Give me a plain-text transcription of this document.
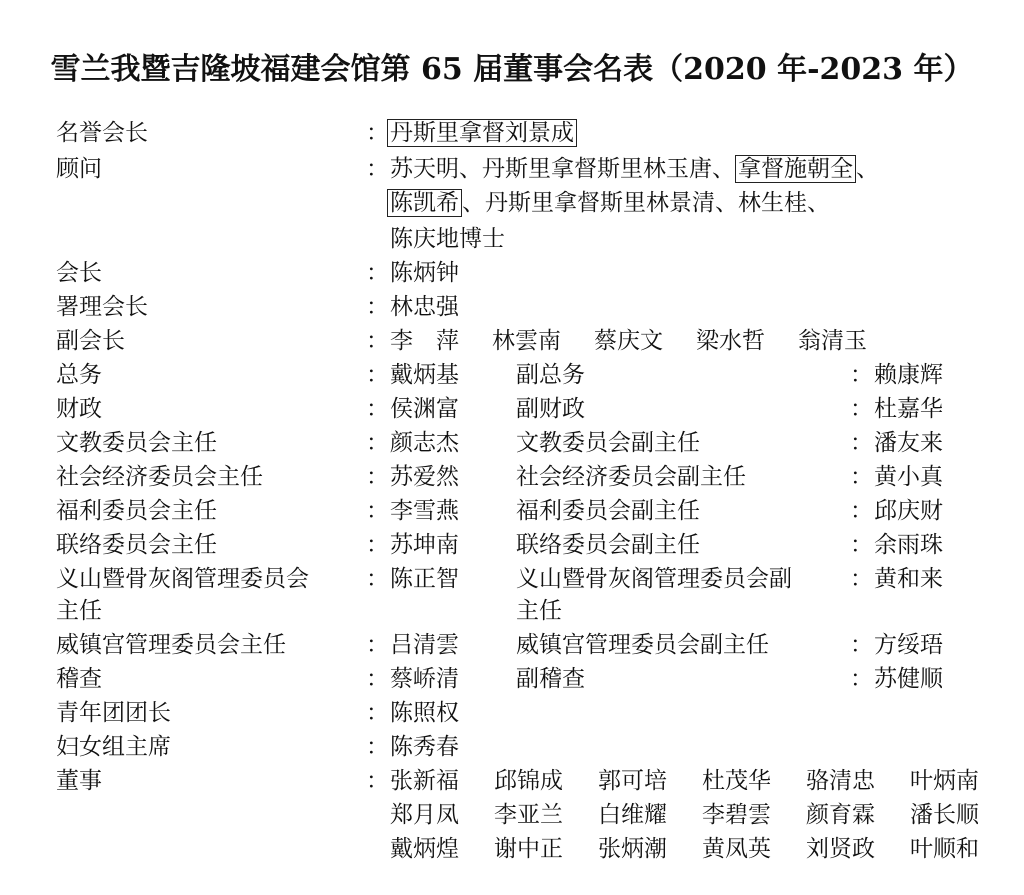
雪兰我暨吉隆坡福建会馆第 65 届董事会名表（2020 年-2023 年）
名誉会长	： 丹斯里拿督刘景成
顾问	： 苏天明、丹斯里拿督斯里林玉唐、 拿督施朝全 、
陈凯希 、丹斯里拿督斯里林景清、林生桂、
陈庆地博士
会长	： 陈炳钟
署理会长	： 林忠强
副会长	： 李　萍 林雲南 蔡庆文 梁水哲 翁清玉
总务	： 戴炳基 副总务	： 赖康辉
财政	： 侯渊富 副财政	： 杜嘉华
文教委员会主任	： 颜志杰 文教委员会副主任	： 潘友来
社会经济委员会主任	： 苏爱然 社会经济委员会副主任	： 黄小真
福利委员会主任	： 李雪燕 福利委员会副主任	： 邱庆财
联络委员会主任	： 苏坤南 联络委员会副主任	： 余雨珠
义山暨骨灰阁管理委员会 ： 陈正智 义山暨骨灰阁管理委员会副	： 黄和来
主任	主任
威镇宫管理委员会主任	： 吕清雲 威镇宫管理委员会副主任	： 方绥珸
稽查	： 蔡峤清 副稽查	： 苏健顺
青年团团长	： 陈照权
妇女组主席	： 陈秀春
董事	： 张新福 邱锦成 郭可培 杜茂华 骆清忠 叶炳南
郑月凤 李亚兰 白维耀 李碧雲 颜育霖 潘长顺
戴炳煌 谢中正 张炳潮 黄凤英 刘贤政 叶顺和
